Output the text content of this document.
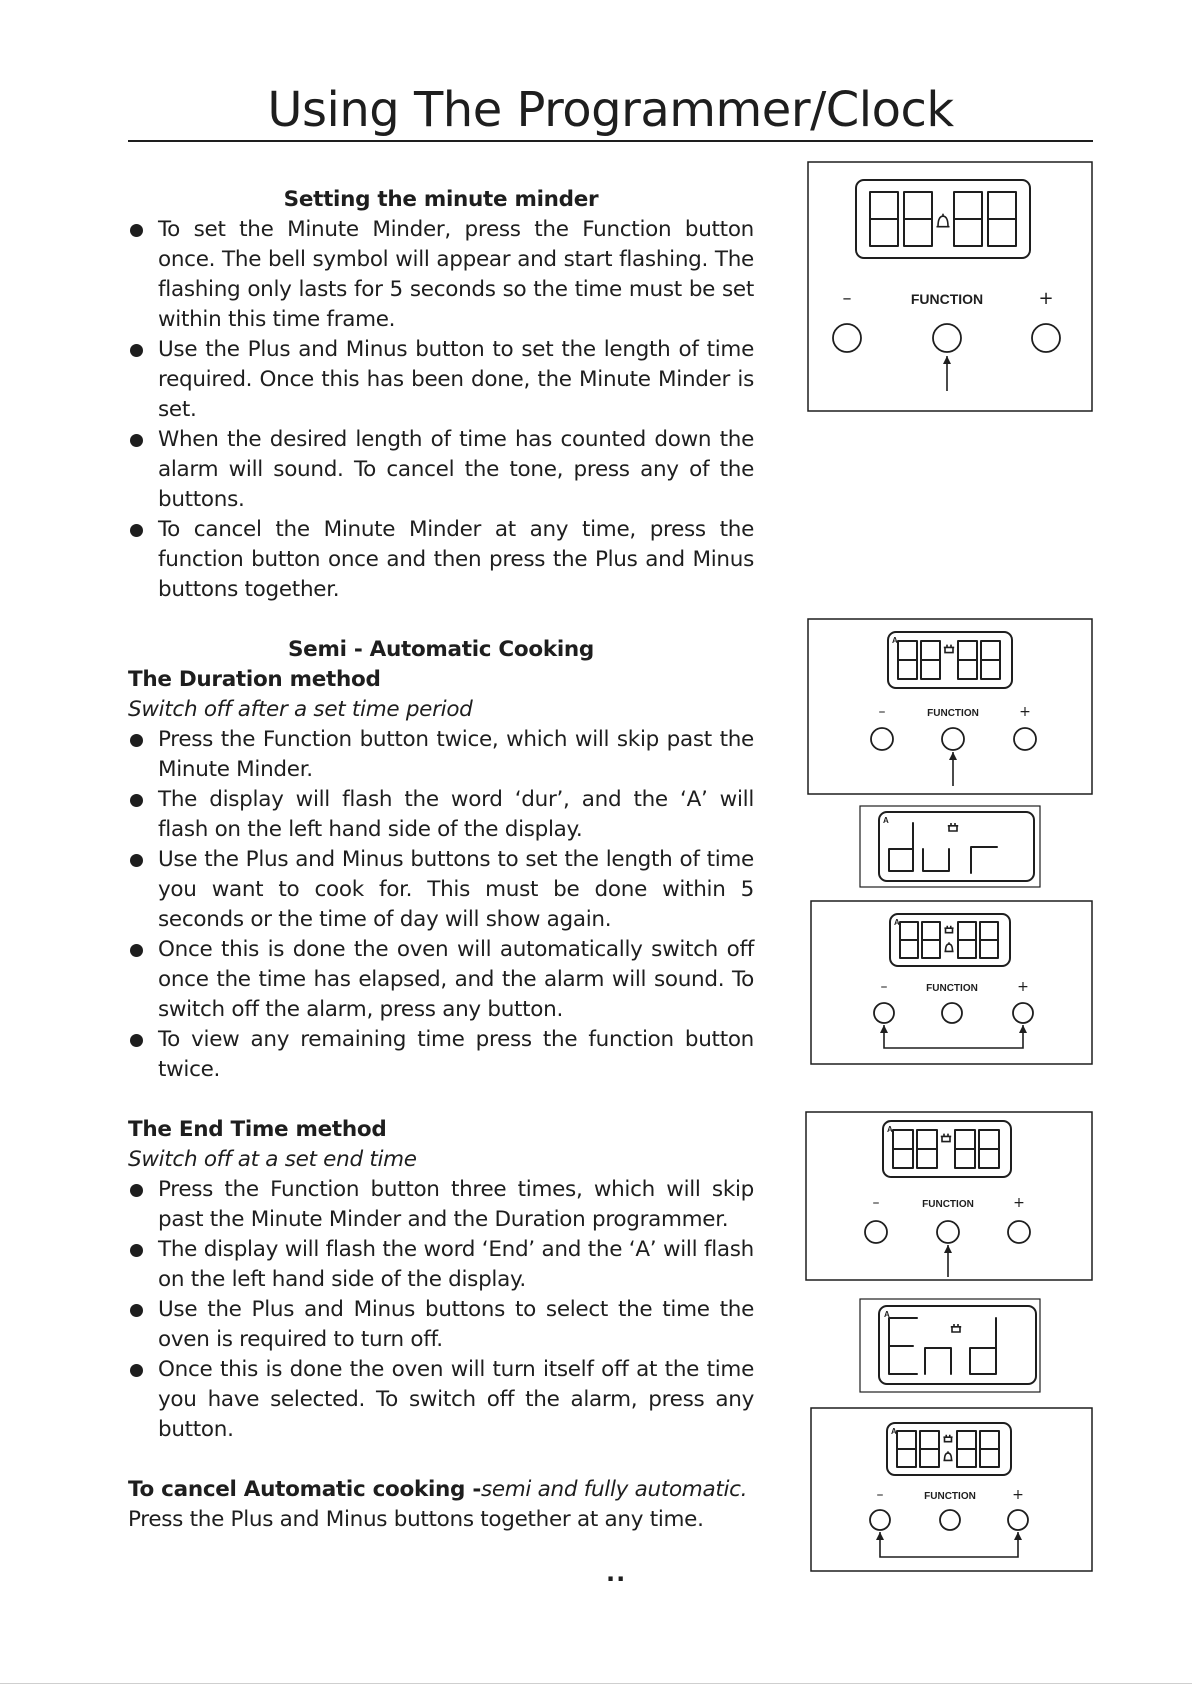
Using The Programmer/Clock

Setting the minute minder

To set the Minute Minder, press the Function button once. The bell symbol will appear and start flashing. The flashing only lasts for 5 seconds so the time must be set within this time frame.
Use the Plus and Minus button to set the length of time required. Once this has been done, the Minute Minder is set.
When the desired length of time has counted down the alarm will sound. To cancel the tone, press any of the buttons.
To cancel the Minute Minder at any time, press the function button once and then press the Plus and Minus buttons together.

Semi - Automatic Cooking

The Duration method

Switch off after a set time period

Press the Function button twice, which will skip past the Minute Minder.
The display will flash the word ‘dur’, and the ‘A’ will flash on the left hand side of the display.
Use the Plus and Minus buttons to set the length of time you want to cook for. This must be done within 5 seconds or the time of day will show again.
Once this is done the oven will automatically switch off once the time has elapsed, and the alarm will sound. To switch off the alarm, press any button.
To view any remaining time press the function button twice.

The End Time method

Switch off at a set end time

Press the Function button three times, which will skip past the Minute Minder and the Duration programmer.
The display will flash the word ‘End’ and the ‘A’ will flash on the left hand side of the display.
Use the Plus and Minus buttons to select the time the oven is required to turn off.
Once this is done the oven will turn itself off at the time you have selected. To switch off the alarm, press any button.

To cancel Automatic cooking -semi and fully automatic.

Press the Plus and Minus buttons together at any time.

..
–	FUNCTION	+
A
–	FUNCTION	+
A
A
–	FUNCTION	+
A
–	FUNCTION	+
A
A
–	FUNCTION	+
